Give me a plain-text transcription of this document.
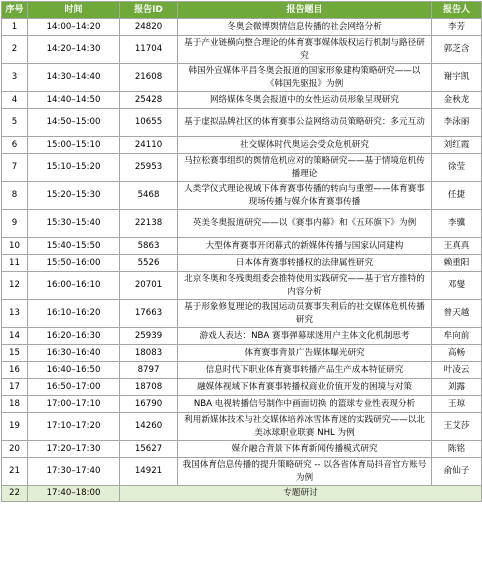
序号	时间	报告ID	报告题目	报告人
1	14:00–14:20	24820	冬奥会微博舆情信息传播的社会网络分析	李芳
2	14:20–14:30	11704	基于产业链横向整合理论的体育赛事媒体版权运行机制与路径研究	郭芝含
3	14:30–14:40	21608	韩国外宣媒体平昌冬奥会报道的国家形象建构策略研究——以《韩国先驱报》为例	谢宇凯
4	14:40–14:50	25428	网络媒体冬奥会报道中的女性运动员形象呈现研究	金秋龙
5	14:50–15:00	10655	基于虚拟品牌社区的体育赛事公益网络动员策略研究：多元互动	李泳丽
6	15:00–15:10	24110	社交媒体时代奥运会受众危机研究	刘红霞
7	15:10–15:20	25953	马拉松赛事组织的舆情危机应对的策略研究——基于情境危机传播理论	徐莹
8	15:20–15:30	5468	人类学仪式理论视域下体育赛事传播的转向与重塑——体育赛事现场传播与媒介体育赛事传播	任捷
9	15:30–15:40	22138	英美冬奥报道研究——以《赛事内幕》和《五环旗下》为例	李骥
10	15:40–15:50	5863	大型体育赛事开闭幕式的新媒体传播与国家认同建构	王真真
11	15:50–16:00	5526	日本体育赛事转播权的法律属性研究	赖重阳
12	16:00–16:10	20701	北京冬奥和冬残奥组委会推特使用实践研究——基于官方推特的内容分析	邓燮
13	16:10–16:20	17663	基于形象修复理论的我国运动员赛事失利后的社交媒体危机传播研究	曾天越
14	16:20–16:30	25939	游戏人表达：NBA 赛事弹幕球迷用户主体文化机制思考	牟向前
15	16:30–16:40	18083	体育赛事背景广告媒体曝光研究	高畅
16	16:40–16:50	8797	信息时代下职业体育赛事转播产品生产成本特征研究	叶凌云
17	16:50–17:00	18708	融媒体视域下体育赛事转播权商业价值开发的困境与对策	刘露
18	17:00–17:10	16790	NBA 电视转播信号制作中画面切换 的篮球专业性表现分析	王琼
19	17:10–17:20	14260	利用新媒体技术与社交媒体培养冰雪体育迷的实践研究——以北美冰球职业联赛 NHL 为例	王艾莎
20	17:20–17:30	15627	媒介融合背景下体育新闻传播模式研究	陈铭
21	17:30–17:40	14921	我国体育信息传播的提升策略研究 -- 以各省体育局抖音官方账号为例	俞仙子
22	17:40–18:00	专题研讨		
